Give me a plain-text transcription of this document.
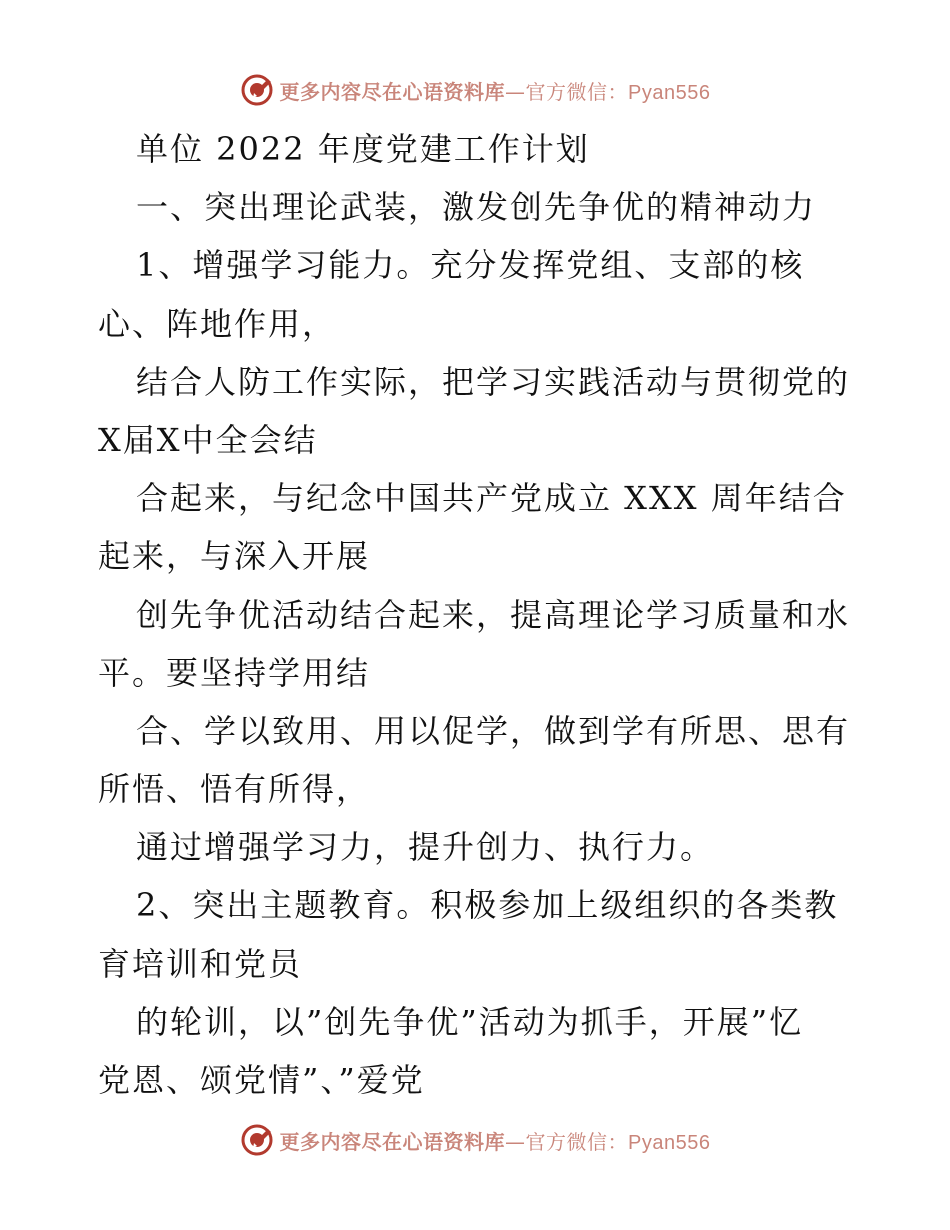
更多内容尽在心语资料库—官方微信：Pyan556
单位 2022 年度党建工作计划
一、突出理论武装，激发创先争优的精神动力
1、增强学习能力。充分发挥党组、支部的核
心、阵地作用，
结合人防工作实际，把学习实践活动与贯彻党的
X届X中全会结
合起来，与纪念中国共产党成立 XXX 周年结合
起来，与深入开展
创先争优活动结合起来，提高理论学习质量和水
平。要坚持学用结
合、学以致用、用以促学，做到学有所思、思有
所悟、悟有所得，
通过增强学习力，提升创力、执行力。
2、突出主题教育。积极参加上级组织的各类教
育培训和党员
的轮训，以”创先争优”活动为抓手，开展”忆
党恩、颂党情”、”爱党
更多内容尽在心语资料库—官方微信：Pyan556
